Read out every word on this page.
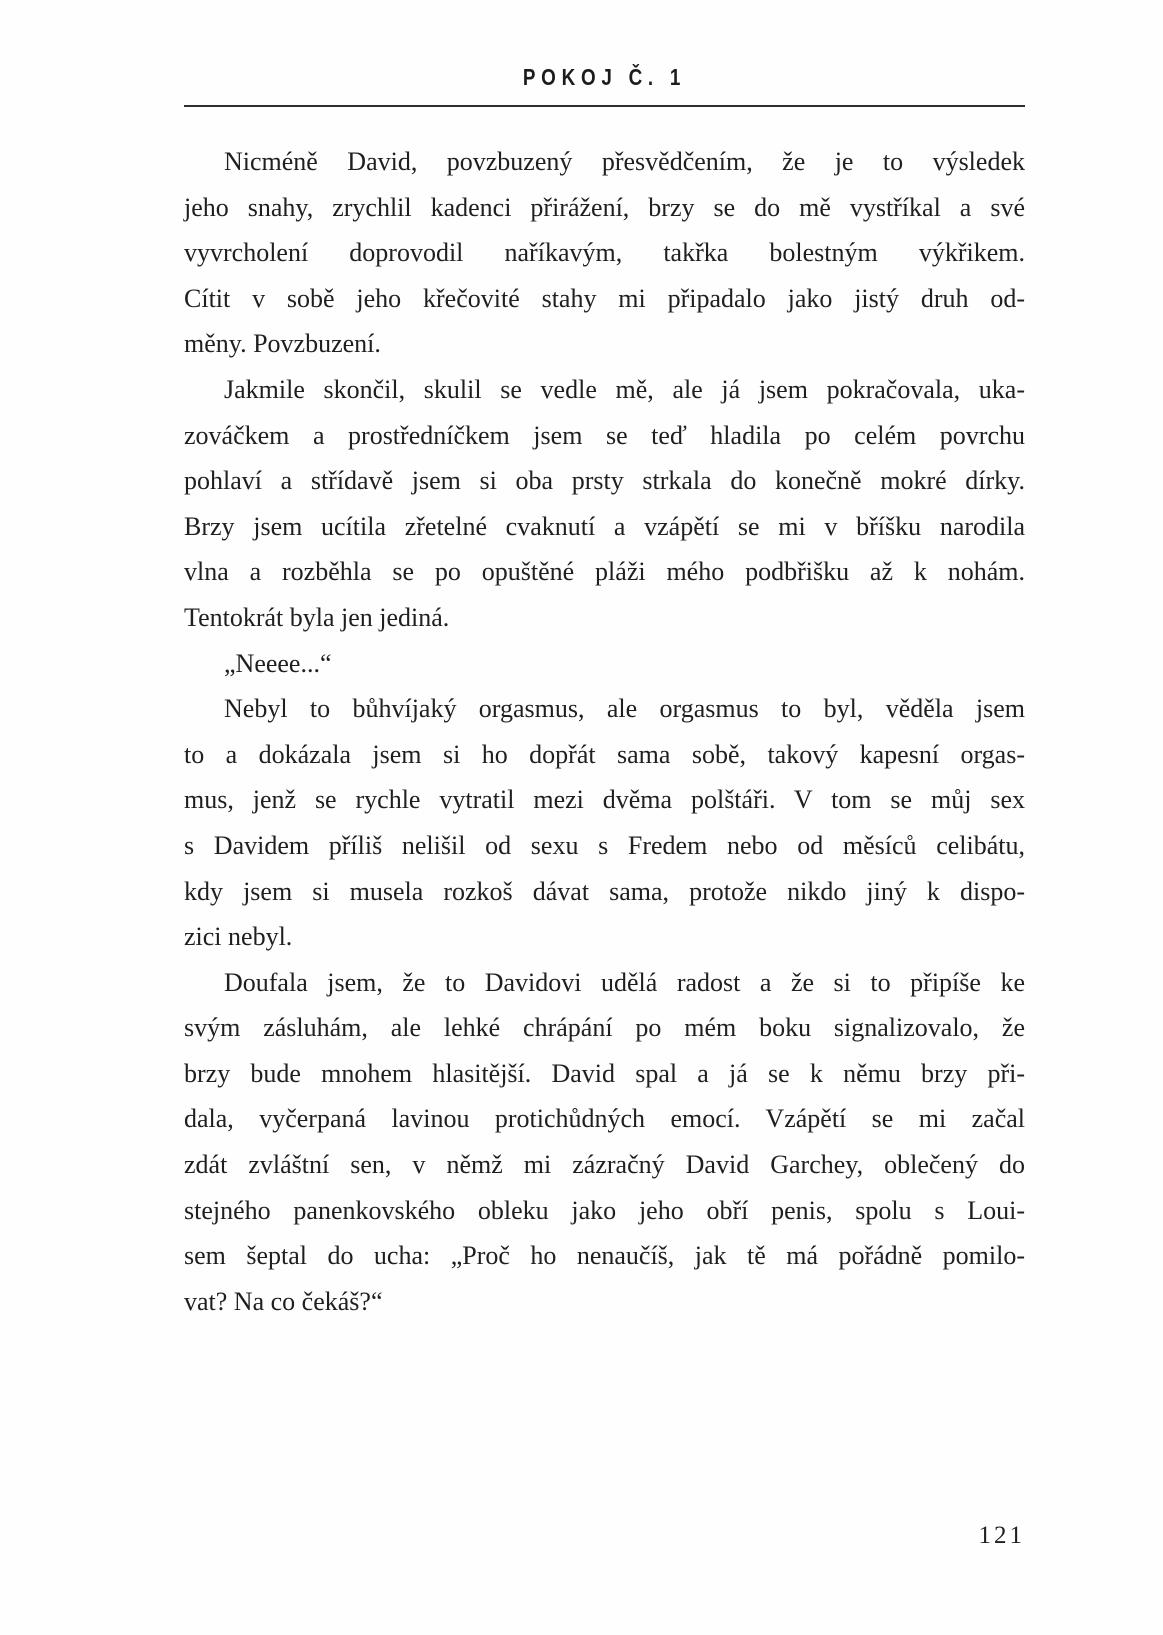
POKOJ Č. 1
Nicméně David, povzbuzený přesvědčením, že je to výsledek
jeho snahy, zrychlil kadenci přirážení, brzy se do mě vystříkal a své
vyvrcholení doprovodil naříkavým, takřka bolestným výkřikem.
Cítit v sobě jeho křečovité stahy mi připadalo jako jistý druh od-
měny. Povzbuzení.
Jakmile skončil, skulil se vedle mě, ale já jsem pokračovala, uka-
zováčkem a prostředníčkem jsem se teď hladila po celém povrchu
pohlaví a střídavě jsem si oba prsty strkala do konečně mokré dírky.
Brzy jsem ucítila zřetelné cvaknutí a vzápětí se mi v bříšku narodila
vlna a rozběhla se po opuštěné pláži mého podbřišku až k nohám.
Tentokrát byla jen jediná.
„Neeee...“
Nebyl to bůhvíjaký orgasmus, ale orgasmus to byl, věděla jsem
to a dokázala jsem si ho dopřát sama sobě, takový kapesní orgas-
mus, jenž se rychle vytratil mezi dvěma polštáři. V tom se můj sex
s Davidem příliš nelišil od sexu s Fredem nebo od měsíců celibátu,
kdy jsem si musela rozkoš dávat sama, protože nikdo jiný k dispo-
zici nebyl.
Doufala jsem, že to Davidovi udělá radost a že si to připíše ke
svým zásluhám, ale lehké chrápání po mém boku signalizovalo, že
brzy bude mnohem hlasitější. David spal a já se k němu brzy při-
dala, vyčerpaná lavinou protichůdných emocí. Vzápětí se mi začal
zdát zvláštní sen, v němž mi zázračný David Garchey, oblečený do
stejného panenkovského obleku jako jeho obří penis, spolu s Loui-
sem šeptal do ucha: „Proč ho nenaučíš, jak tě má pořádně pomilo-
vat? Na co čekáš?“
121
